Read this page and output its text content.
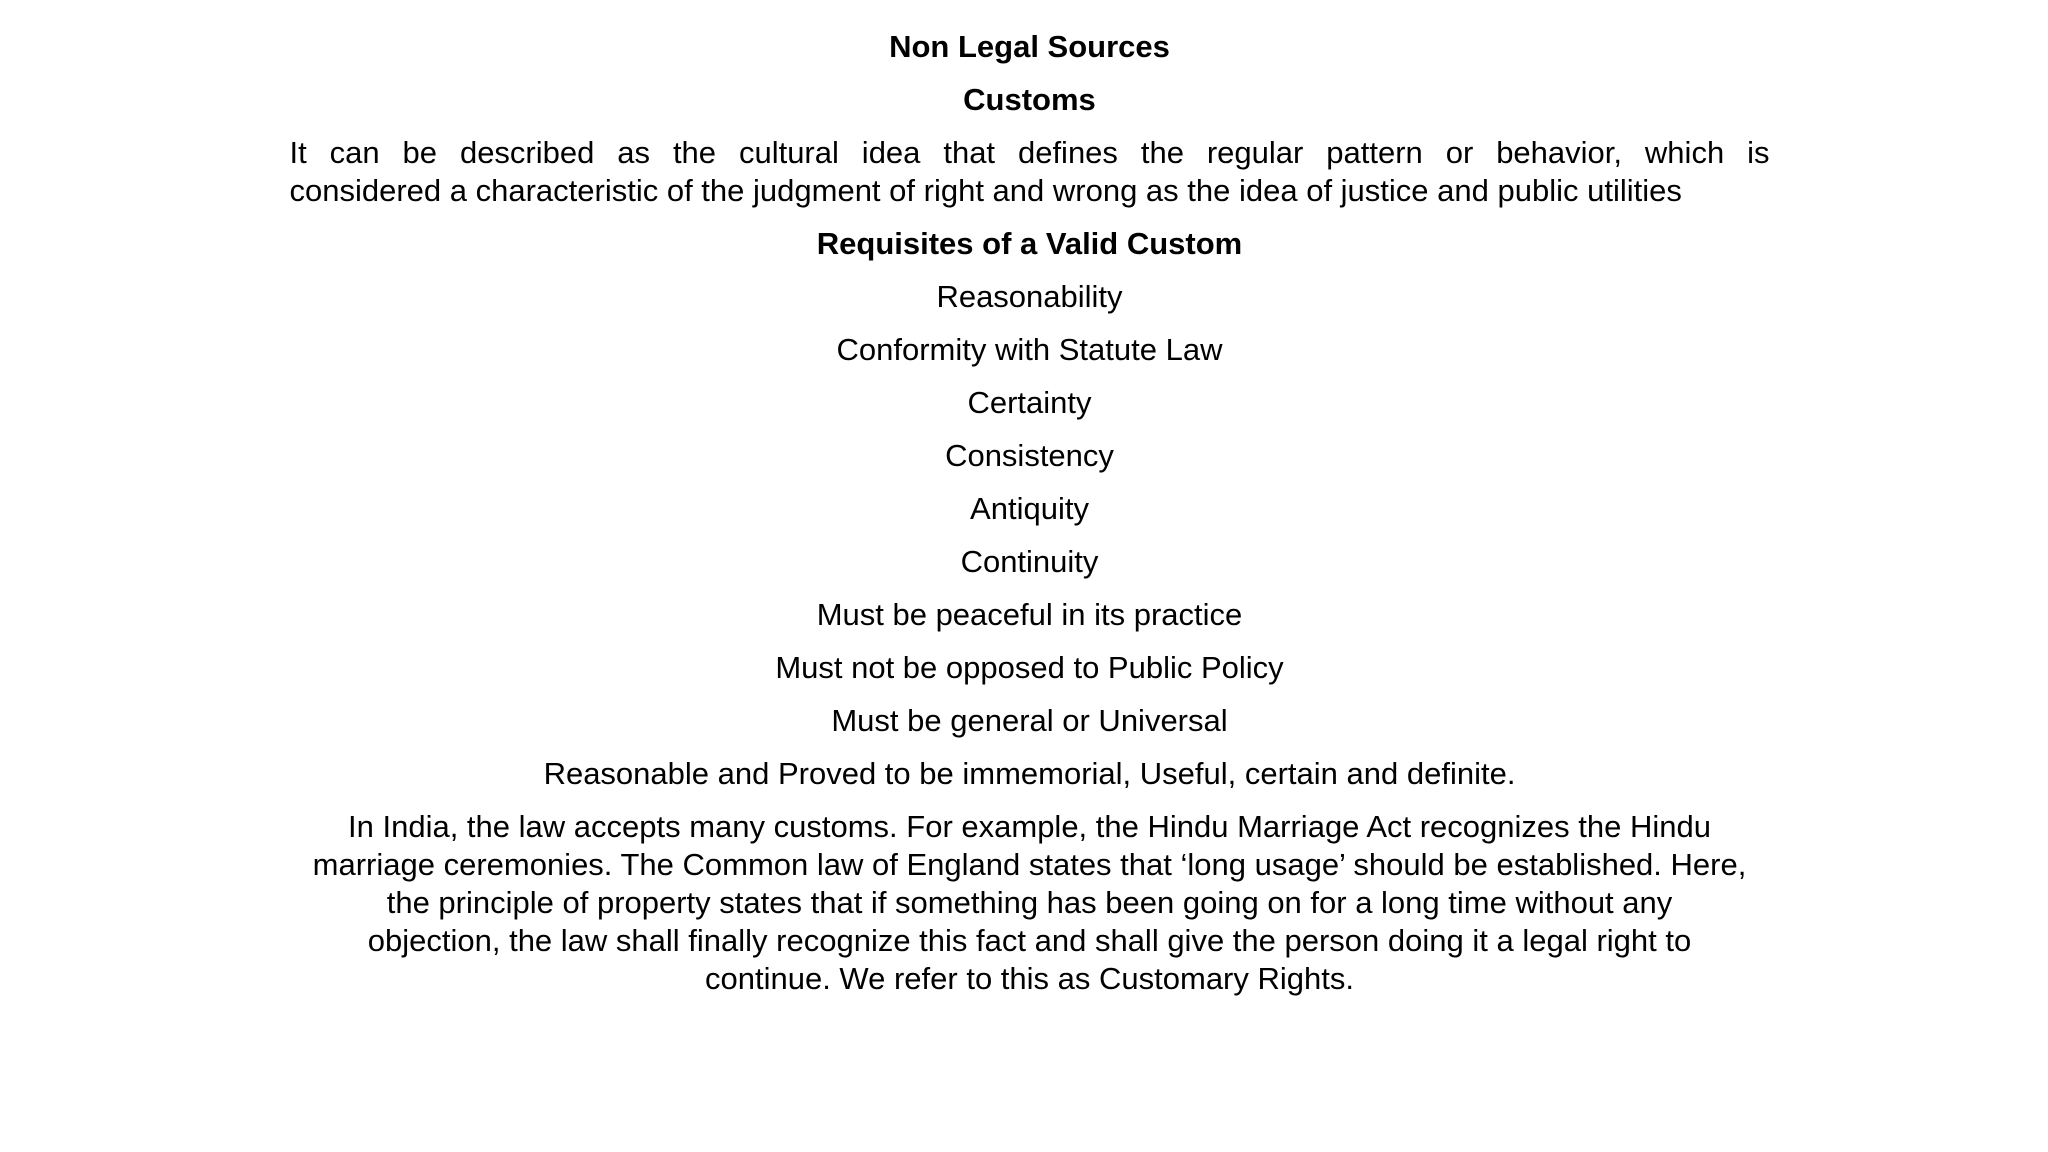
Non Legal Sources
Customs
It can be described as the cultural idea that defines the regular pattern or behavior, which is
considered a characteristic of the judgment of right and wrong as the idea of justice and public utilities
Requisites of a Valid Custom
Reasonability
Conformity with Statute Law
Certainty
Consistency
Antiquity
Continuity
Must be peaceful in its practice
Must not be opposed to Public Policy
Must be general or Universal
Reasonable and Proved to be immemorial, Useful, certain and definite.
In India, the law accepts many customs. For example, the Hindu Marriage Act recognizes the Hindu
marriage ceremonies. The Common law of England states that ‘long usage’ should be established. Here,
the principle of property states that if something has been going on for a long time without any
objection, the law shall finally recognize this fact and shall give the person doing it a legal right to
continue. We refer to this as Customary Rights.
